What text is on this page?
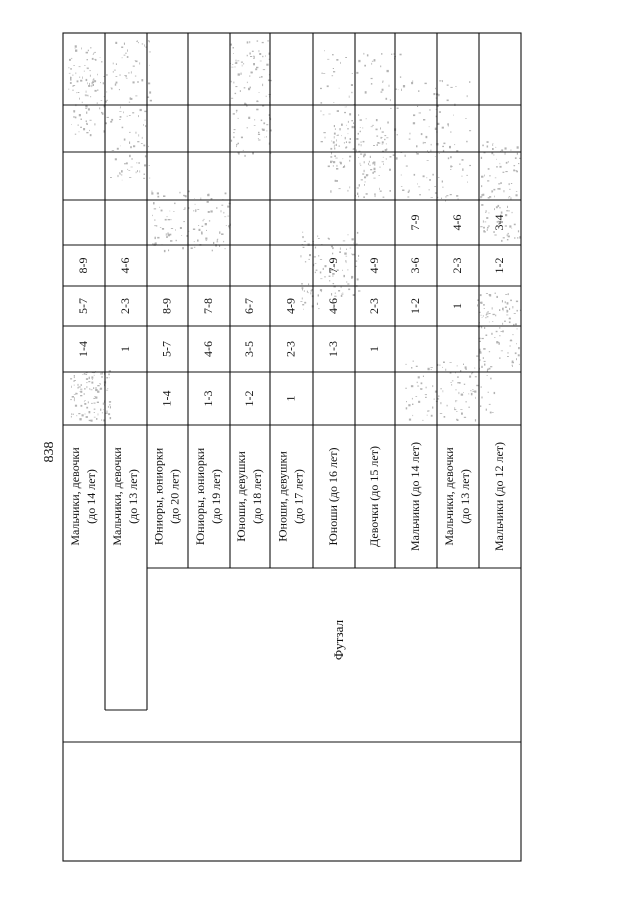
Мальчики, девочки (до 14 лет)
1-4
5-7
8-9
Мальчики, девочки (до 13 лет)
1
2-3
4-6
Юниоры, юниорки (до 20 лет)
1-4
5-7
8-9
Юниоры, юниорки (до 19 лет)
1-3
4-6
7-8
Юноши, девушки (до 18 лет)
1-2
3-5
6-7
Юноши, девушки (до 17 лет)
1
2-3
4-9
Юноши (до 16 лет)
1-3
4-6
7-9
Девочки (до 15 лет)
1
2-3
4-9
Мальчики (до 14 лет)
1-2
3-6
7-9
Мальчики, девочки (до 13 лет)
1
2-3
4-6
Мальчики (до 12 лет)
1-2
3-4
Футзал
838
